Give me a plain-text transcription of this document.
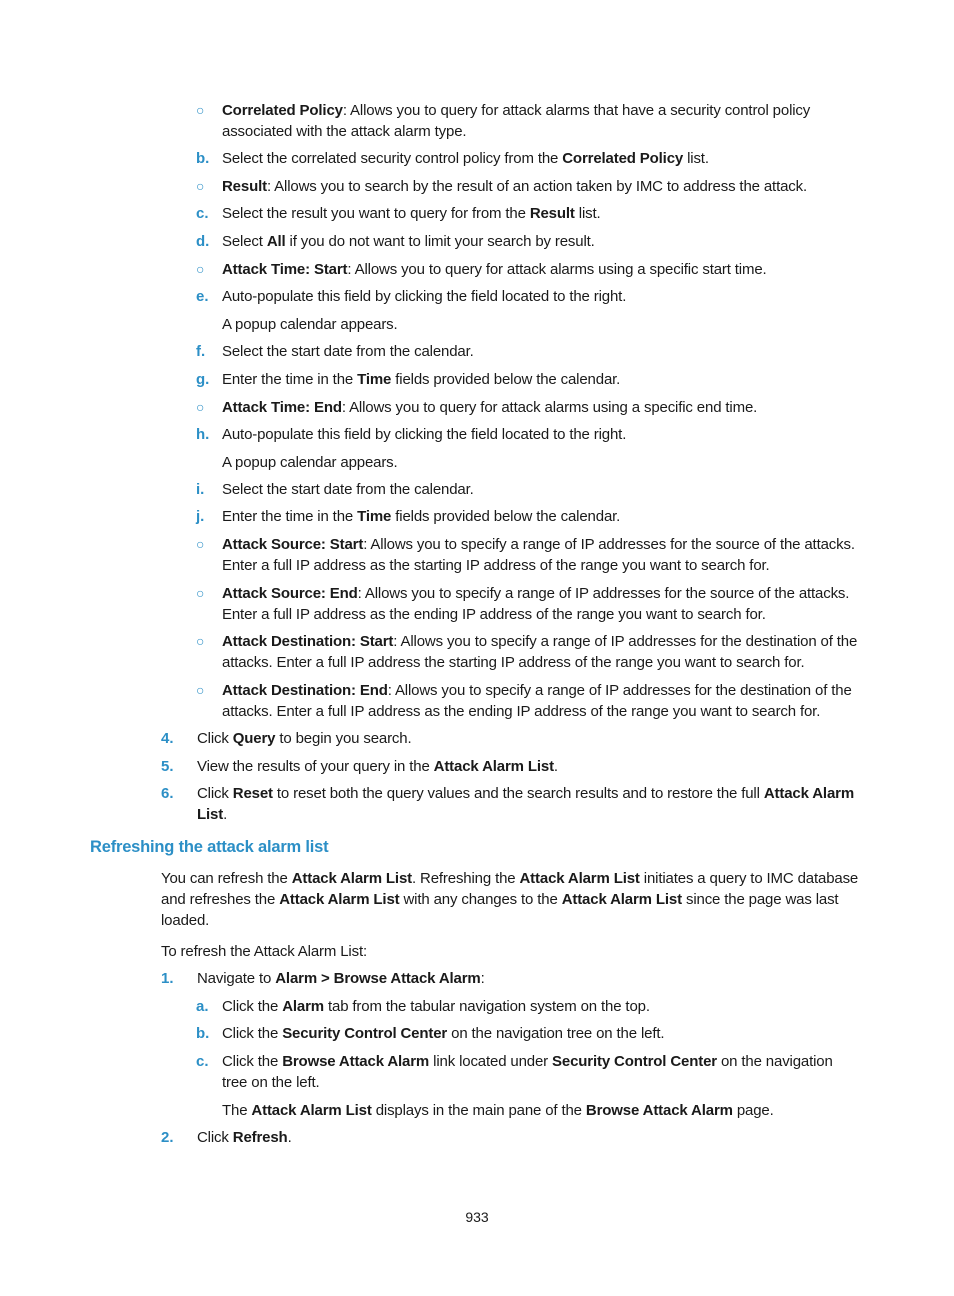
○ Correlated Policy: Allows you to query for attack alarms that have a security control policy
associated with the attack alarm type.
b. Select the correlated security control policy from the Correlated Policy list.
○ Result: Allows you to search by the result of an action taken by IMC to address the attack.
c. Select the result you want to query for from the Result list.
d. Select All if you do not want to limit your search by result.
○ Attack Time: Start: Allows you to query for attack alarms using a specific start time.
e. Auto-populate this field by clicking the field located to the right.
A popup calendar appears.
f. Select the start date from the calendar.
g. Enter the time in the Time fields provided below the calendar.
○ Attack Time: End: Allows you to query for attack alarms using a specific end time.
h. Auto-populate this field by clicking the field located to the right.
A popup calendar appears.
i. Select the start date from the calendar.
j. Enter the time in the Time fields provided below the calendar.
○ Attack Source: Start: Allows you to specify a range of IP addresses for the source of the attacks.
Enter a full IP address as the starting IP address of the range you want to search for.
○ Attack Source: End: Allows you to specify a range of IP addresses for the source of the attacks.
Enter a full IP address as the ending IP address of the range you want to search for.
○ Attack Destination: Start: Allows you to specify a range of IP addresses for the destination of the
attacks. Enter a full IP address the starting IP address of the range you want to search for.
○ Attack Destination: End: Allows you to specify a range of IP addresses for the destination of the
attacks. Enter a full IP address as the ending IP address of the range you want to search for.
4. Click Query to begin you search.
5. View the results of your query in the Attack Alarm List.
6. Click Reset to reset both the query values and the search results and to restore the full Attack Alarm
List.
Refreshing the attack alarm list
You can refresh the Attack Alarm List. Refreshing the Attack Alarm List initiates a query to IMC database
and refreshes the Attack Alarm List with any changes to the Attack Alarm List since the page was last
loaded.
To refresh the Attack Alarm List:
1. Navigate to Alarm > Browse Attack Alarm:
a. Click the Alarm tab from the tabular navigation system on the top.
b. Click the Security Control Center on the navigation tree on the left.
c. Click the Browse Attack Alarm link located under Security Control Center on the navigation
tree on the left.
The Attack Alarm List displays in the main pane of the Browse Attack Alarm page.
2. Click Refresh.
933
